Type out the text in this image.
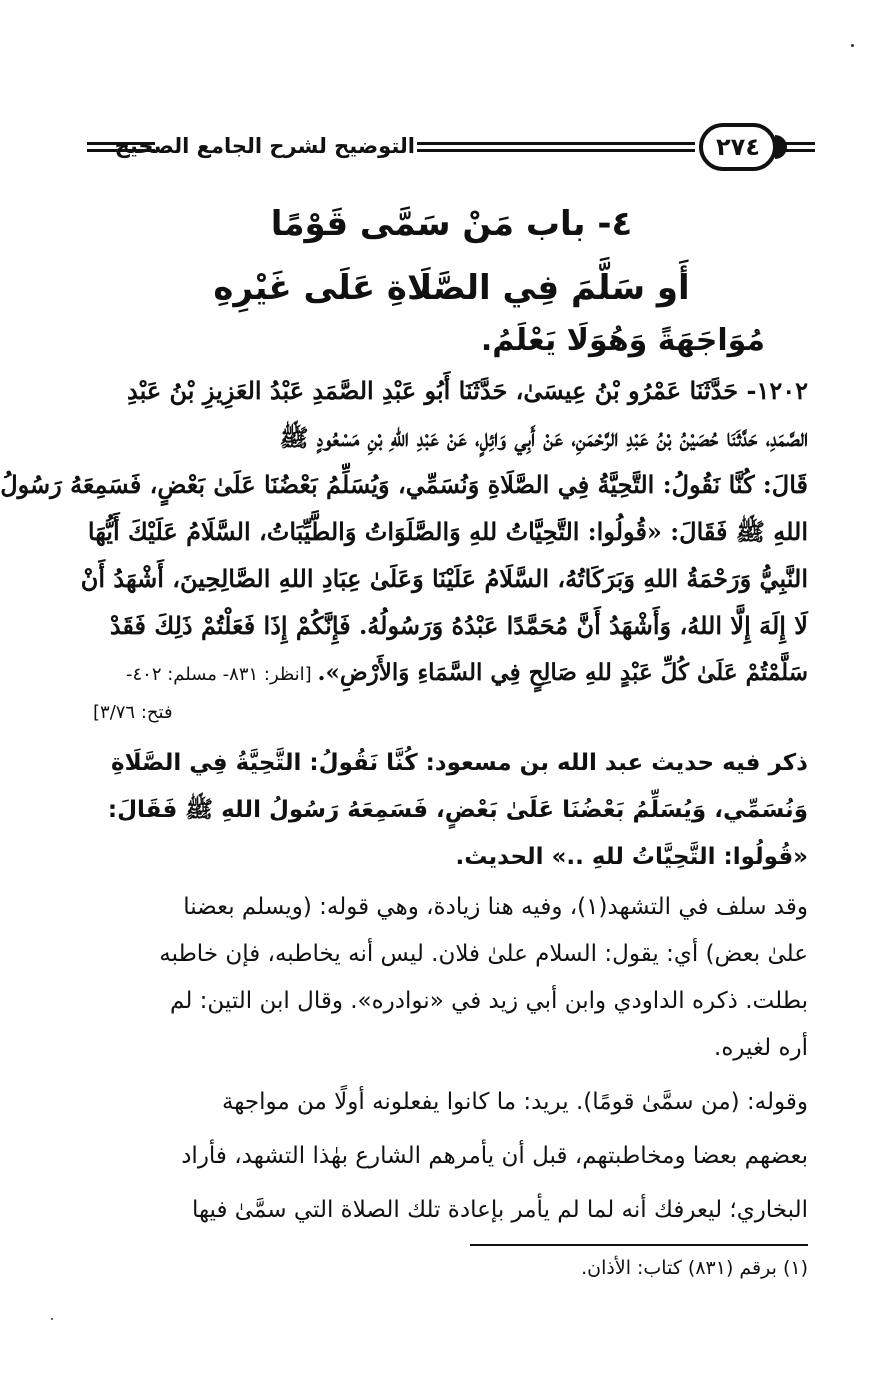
التوضيح لشرح الجامع الصحيح	٢٧٤
٤- باب مَنْ سَمَّى قَوْمًا
أَو سَلَّمَ فِي الصَّلَاةِ عَلَى غَيْرِهِ
مُوَاجَهَةً وَهُوَلَا يَعْلَمُ.
١٢٠٢- حَدَّثَنَا عَمْرُو بْنُ عِيسَىٰ، حَدَّثَنَا أَبُو عَبْدِ الصَّمَدِ عَبْدُ العَزِيزِ بْنُ عَبْدِ
الصَّمَدِ، حَدَّثَنَا حُصَيْنُ بْنُ عَبْدِ الرَّحْمَنِ، عَنْ أَبِي وَائِلٍ، عَنْ عَبْدِ اللهِ بْنِ مَسْعُودٍ ﷺ
قَالَ: كُنَّا نَقُولُ: التَّحِيَّةُ فِي الصَّلَاةِ وَنُسَمِّي، وَيُسَلِّمُ بَعْضُنَا عَلَىٰ بَعْضٍ، فَسَمِعَهُ رَسُولُ
اللهِ ﷺ فَقَالَ: «قُولُوا: التَّحِيَّاتُ للهِ وَالصَّلَوَاتُ وَالطَّيِّبَاتُ، السَّلَامُ عَلَيْكَ أَيُّهَا
النَّبِيُّ وَرَحْمَةُ اللهِ وَبَرَكَاتُهُ، السَّلَامُ عَلَيْنَا وَعَلَىٰ عِبَادِ اللهِ الصَّالِحِينَ، أَشْهَدُ أَنْ
لَا إِلَهَ إِلَّا اللهُ، وَأَشْهَدُ أَنَّ مُحَمَّدًا عَبْدُهُ وَرَسُولُهُ. فَإِنَّكُمْ إِذَا فَعَلْتُمْ ذَلِكَ فَقَدْ
سَلَّمْتُمْ عَلَىٰ كُلِّ عَبْدٍ للهِ صَالِحٍ فِي السَّمَاءِ وَالأَرْضِ». [انظر: ٨٣١- مسلم: ٤٠٢-
فتح: ٣/٧٦]
ذكر فيه حديث عبد الله بن مسعود: كُنَّا نَقُولُ: التَّحِيَّةُ فِي الصَّلَاةِ
وَنُسَمِّي، وَيُسَلِّمُ بَعْضُنَا عَلَىٰ بَعْضٍ، فَسَمِعَهُ رَسُولُ اللهِ ﷺ فَقَالَ:
«قُولُوا: التَّحِيَّاتُ للهِ ..» الحديث.
وقد سلف في التشهد(١)، وفيه هنا زيادة، وهي قوله: (ويسلم بعضنا
علىٰ بعض) أي: يقول: السلام علىٰ فلان. ليس أنه يخاطبه، فإن خاطبه
بطلت. ذكره الداودي وابن أبي زيد في «نوادره». وقال ابن التين: لم
أره لغيره.
وقوله: (من سمَّىٰ قومًا). يريد: ما كانوا يفعلونه أولًا من مواجهة
بعضهم بعضا ومخاطبتهم، قبل أن يأمرهم الشارع بهٰذا التشهد، فأراد
البخاري؛ ليعرفك أنه لما لم يأمر بإعادة تلك الصلاة التي سمَّىٰ فيها
(١) برقم (٨٣١) كتاب: الأذان.
